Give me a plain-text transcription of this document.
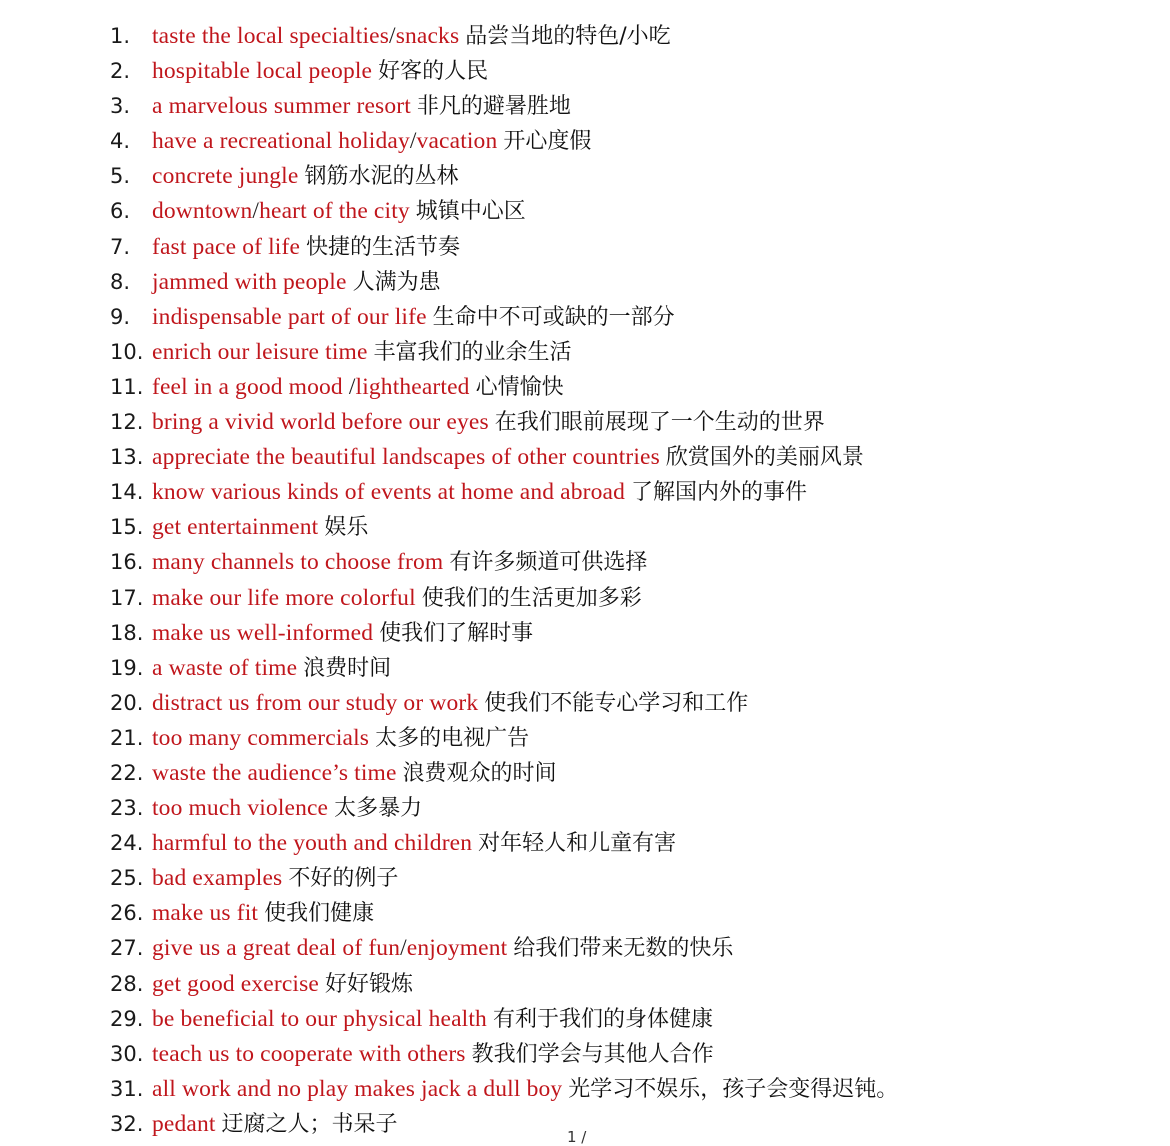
1. taste the local specialties/snacks 品尝当地的特色/小吃
2. hospitable local people 好客的人民
3. a marvelous summer resort 非凡的避暑胜地
4. have a recreational holiday/vacation 开心度假
5. concrete jungle 钢筋水泥的丛林
6. downtown/heart of the city 城镇中心区
7. fast pace of life 快捷的生活节奏
8. jammed with people 人满为患
9. indispensable part of our life 生命中不可或缺的一部分
10. enrich our leisure time 丰富我们的业余生活
11. feel in a good mood /lighthearted 心情愉快
12. bring a vivid world before our eyes 在我们眼前展现了一个生动的世界
13. appreciate the beautiful landscapes of other countries 欣赏国外的美丽风景
14. know various kinds of events at home and abroad 了解国内外的事件
15. get entertainment 娱乐
16. many channels to choose from 有许多频道可供选择
17. make our life more colorful 使我们的生活更加多彩
18. make us well-informed 使我们了解时事
19. a waste of time 浪费时间
20. distract us from our study or work 使我们不能专心学习和工作
21. too many commercials 太多的电视广告
22. waste the audience’s time 浪费观众的时间
23. too much violence 太多暴力
24. harmful to the youth and children 对年轻人和儿童有害
25. bad examples 不好的例子
26. make us fit 使我们健康
27. give us a great deal of fun/enjoyment 给我们带来无数的快乐
28. get good exercise 好好锻炼
29. be beneficial to our physical health 有利于我们的身体健康
30. teach us to cooperate with others 教我们学会与其他人合作
31. all work and no play makes jack a dull boy 光学习不娱乐，孩子会变得迟钝。
32. pedant 迂腐之人；书呆子
1 /
